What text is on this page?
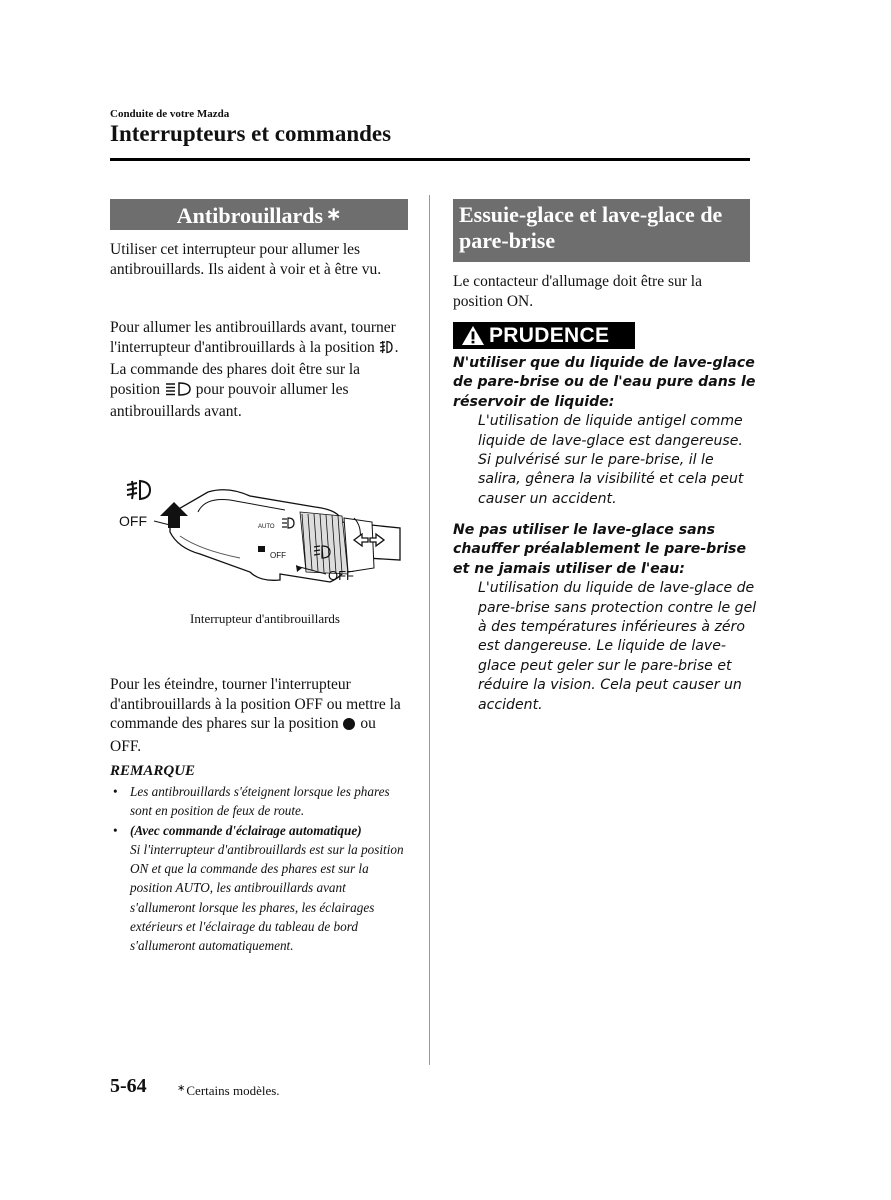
Conduite de votre Mazda
Interrupteurs et commandes
Antibrouillards ∗
Utiliser cet interrupteur pour allumer les antibrouillards. Ils aident à voir et à être vu.
Pour allumer les antibrouillards avant, tourner l'interrupteur d'antibrouillards à la position .
La commande des phares doit être sur la position pour pouvoir allumer les antibrouillards avant.
OFF	AUTO
OFF
OFF
Interrupteur d'antibrouillards
Pour les éteindre, tourner l'interrupteur d'antibrouillards à la position OFF ou mettre la commande des phares sur la position ou OFF.
REMARQUE
• Les antibrouillards s'éteignent lorsque les phares sont en position de feux de route.
• (Avec commande d'éclairage automatique)
Si l'interrupteur d'antibrouillards est sur la position ON et que la commande des phares est sur la position AUTO, les antibrouillards avant s'allumeront lorsque les phares, les éclairages extérieurs et l'éclairage du tableau de bord s'allumeront automatiquement.
Essuie-glace et lave-glace de pare-brise
Le contacteur d'allumage doit être sur la position ON.
PRUDENCE
N'utiliser que du liquide de lave-glace de pare-brise ou de l'eau pure dans le réservoir de liquide:
L'utilisation de liquide antigel comme liquide de lave-glace est dangereuse. Si pulvérisé sur le pare-brise, il le salira, gênera la visibilité et cela peut causer un accident.
Ne pas utiliser le lave-glace sans chauffer préalablement le pare-brise et ne jamais utiliser de l'eau:
L'utilisation du liquide de lave-glace de pare-brise sans protection contre le gel à des températures inférieures à zéro est dangereuse. Le liquide de lave-glace peut geler sur le pare-brise et réduire la vision. Cela peut causer un accident.
5-64	∗Certains modèles.
